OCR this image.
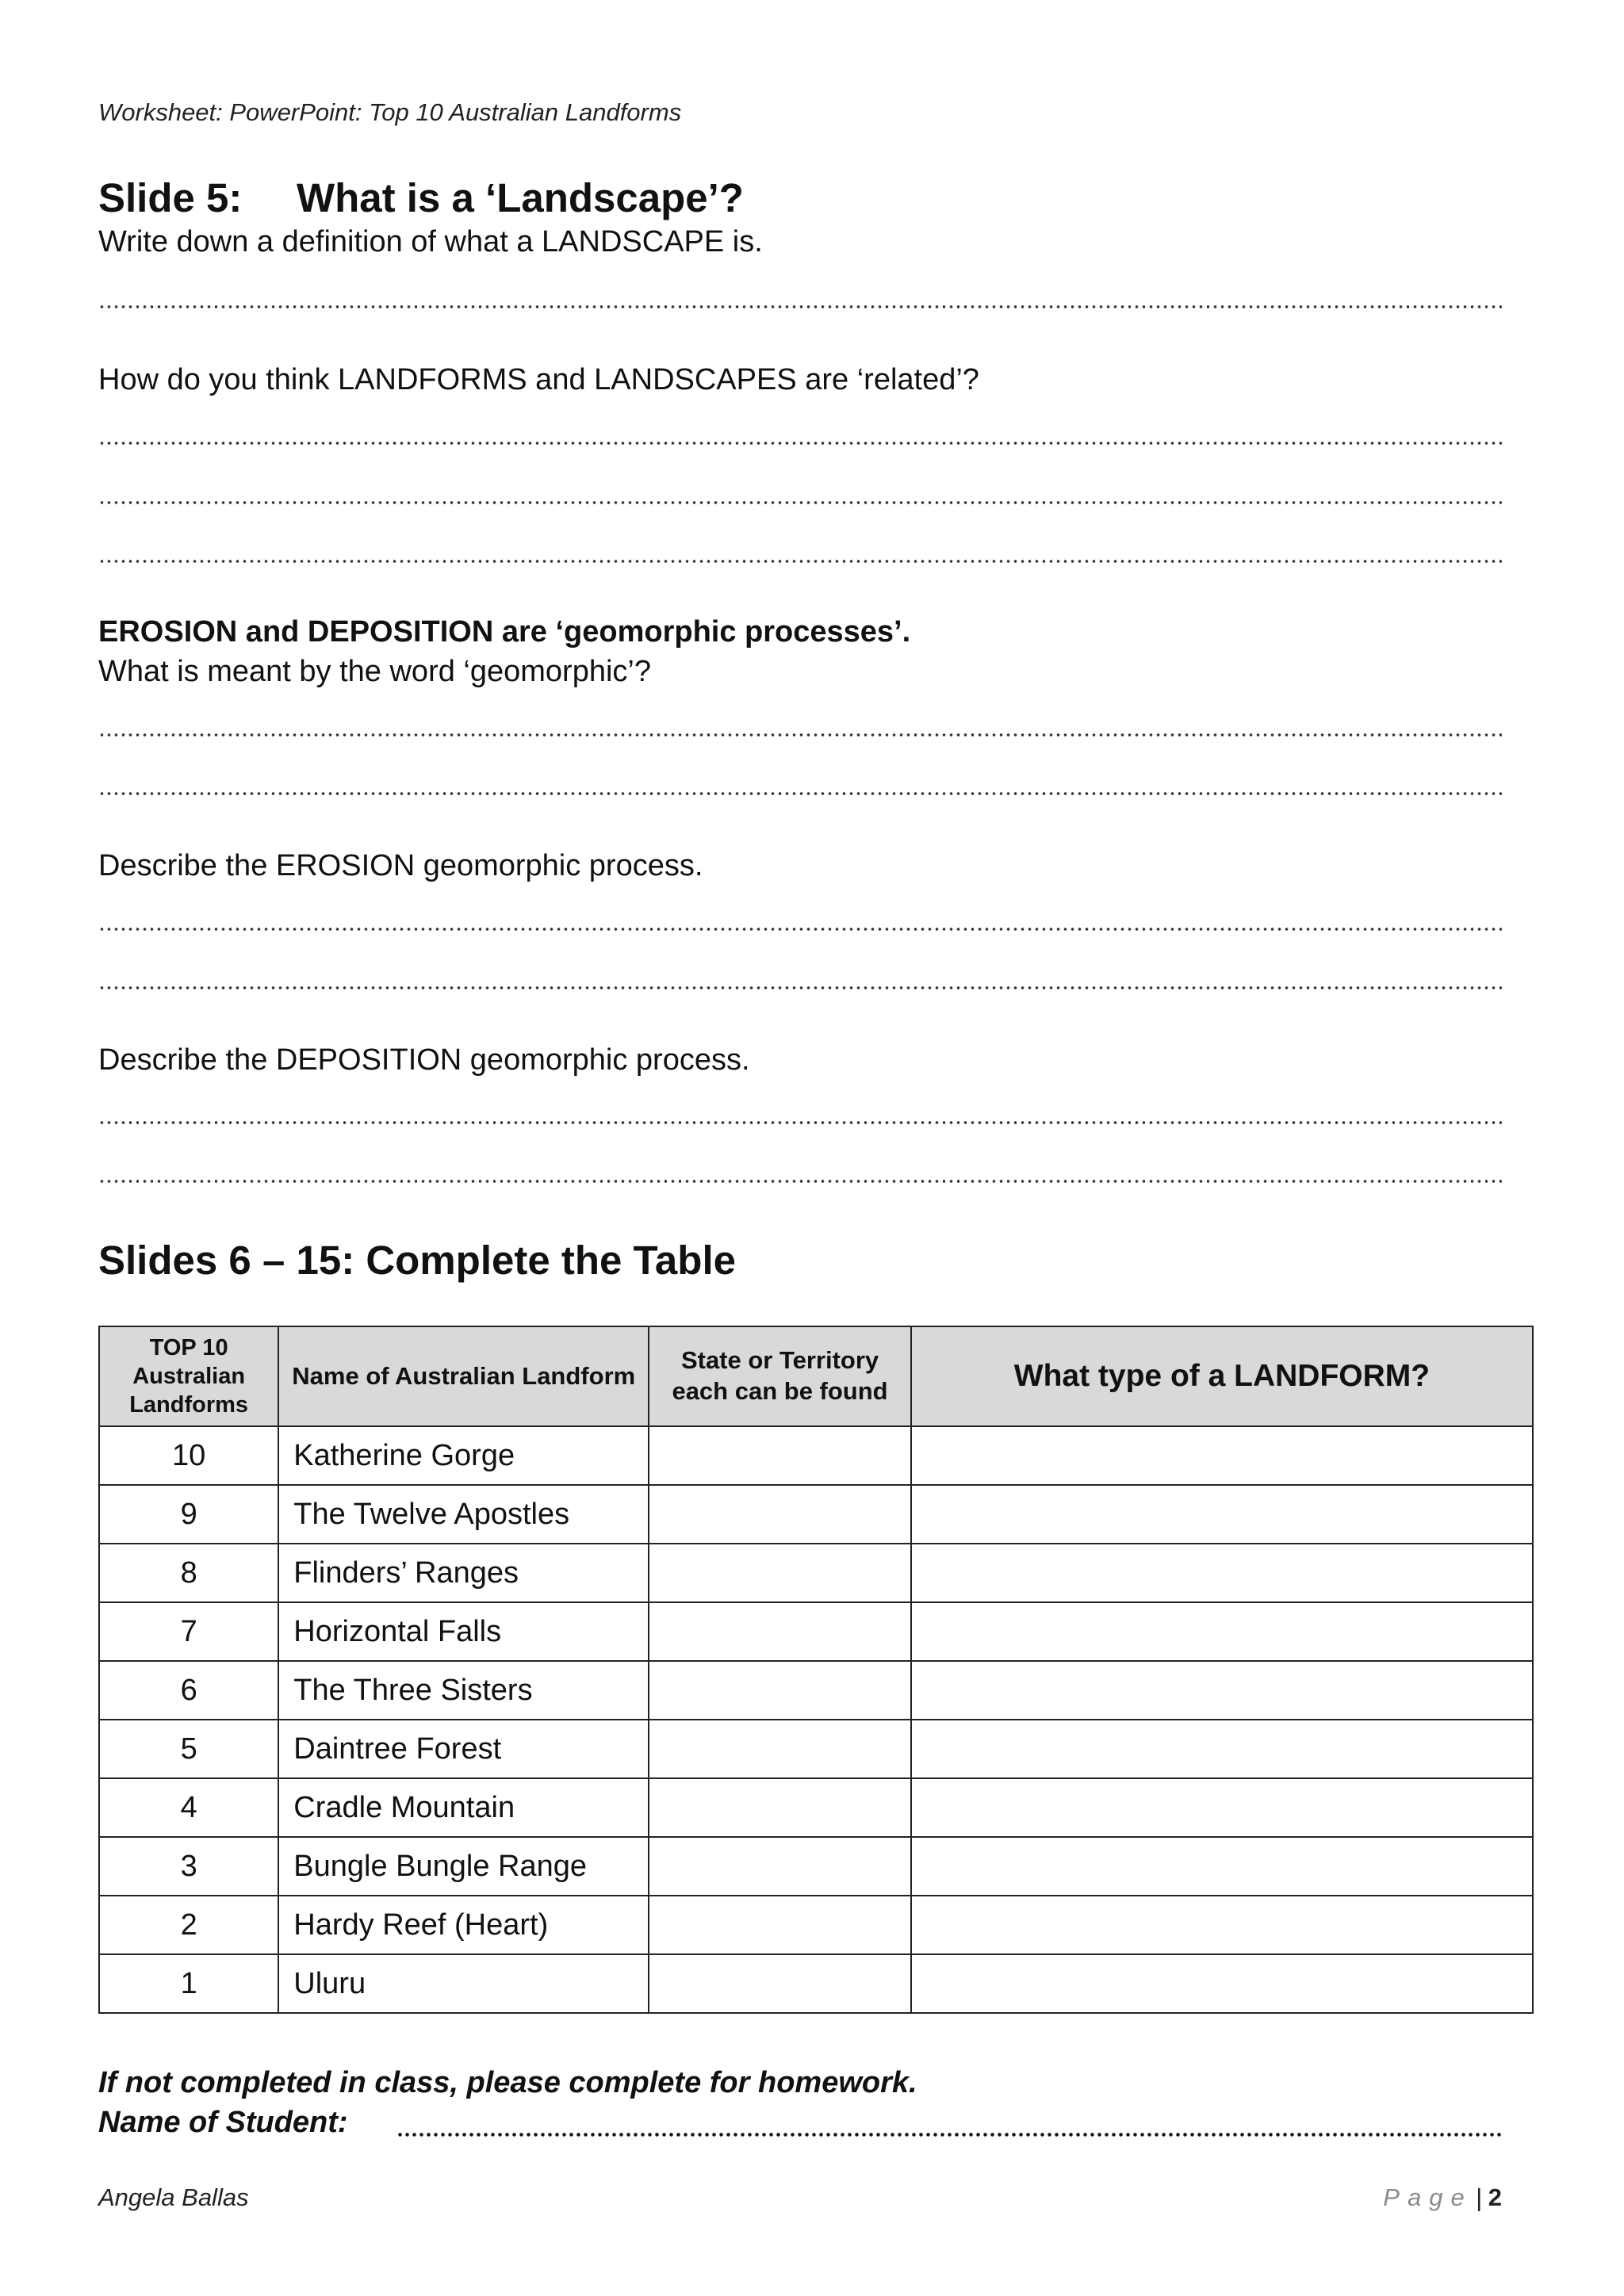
Worksheet: PowerPoint: Top 10 Australian Landforms
Slide 5: What is a ‘Landscape’?
Write down a definition of what a LANDSCAPE is.
How do you think LANDFORMS and LANDSCAPES are ‘related’?
EROSION and DEPOSITION are ‘geomorphic processes’.
What is meant by the word ‘geomorphic’?
Describe the EROSION geomorphic process.
Describe the DEPOSITION geomorphic process.
Slides 6 – 15: Complete the Table
TOP 10 Australian Landforms	Name of Australian Landform	State or Territory each can be found	What type of a LANDFORM?
10	Katherine Gorge		
9	The Twelve Apostles		
8	Flinders’ Ranges		
7	Horizontal Falls		
6	The Three Sisters		
5	Daintree Forest		
4	Cradle Mountain		
3	Bungle Bungle Range		
2	Hardy Reef (Heart)		
1	Uluru		
If not completed in class, please complete for homework.
Name of Student:
Angela Ballas	Page | 2
